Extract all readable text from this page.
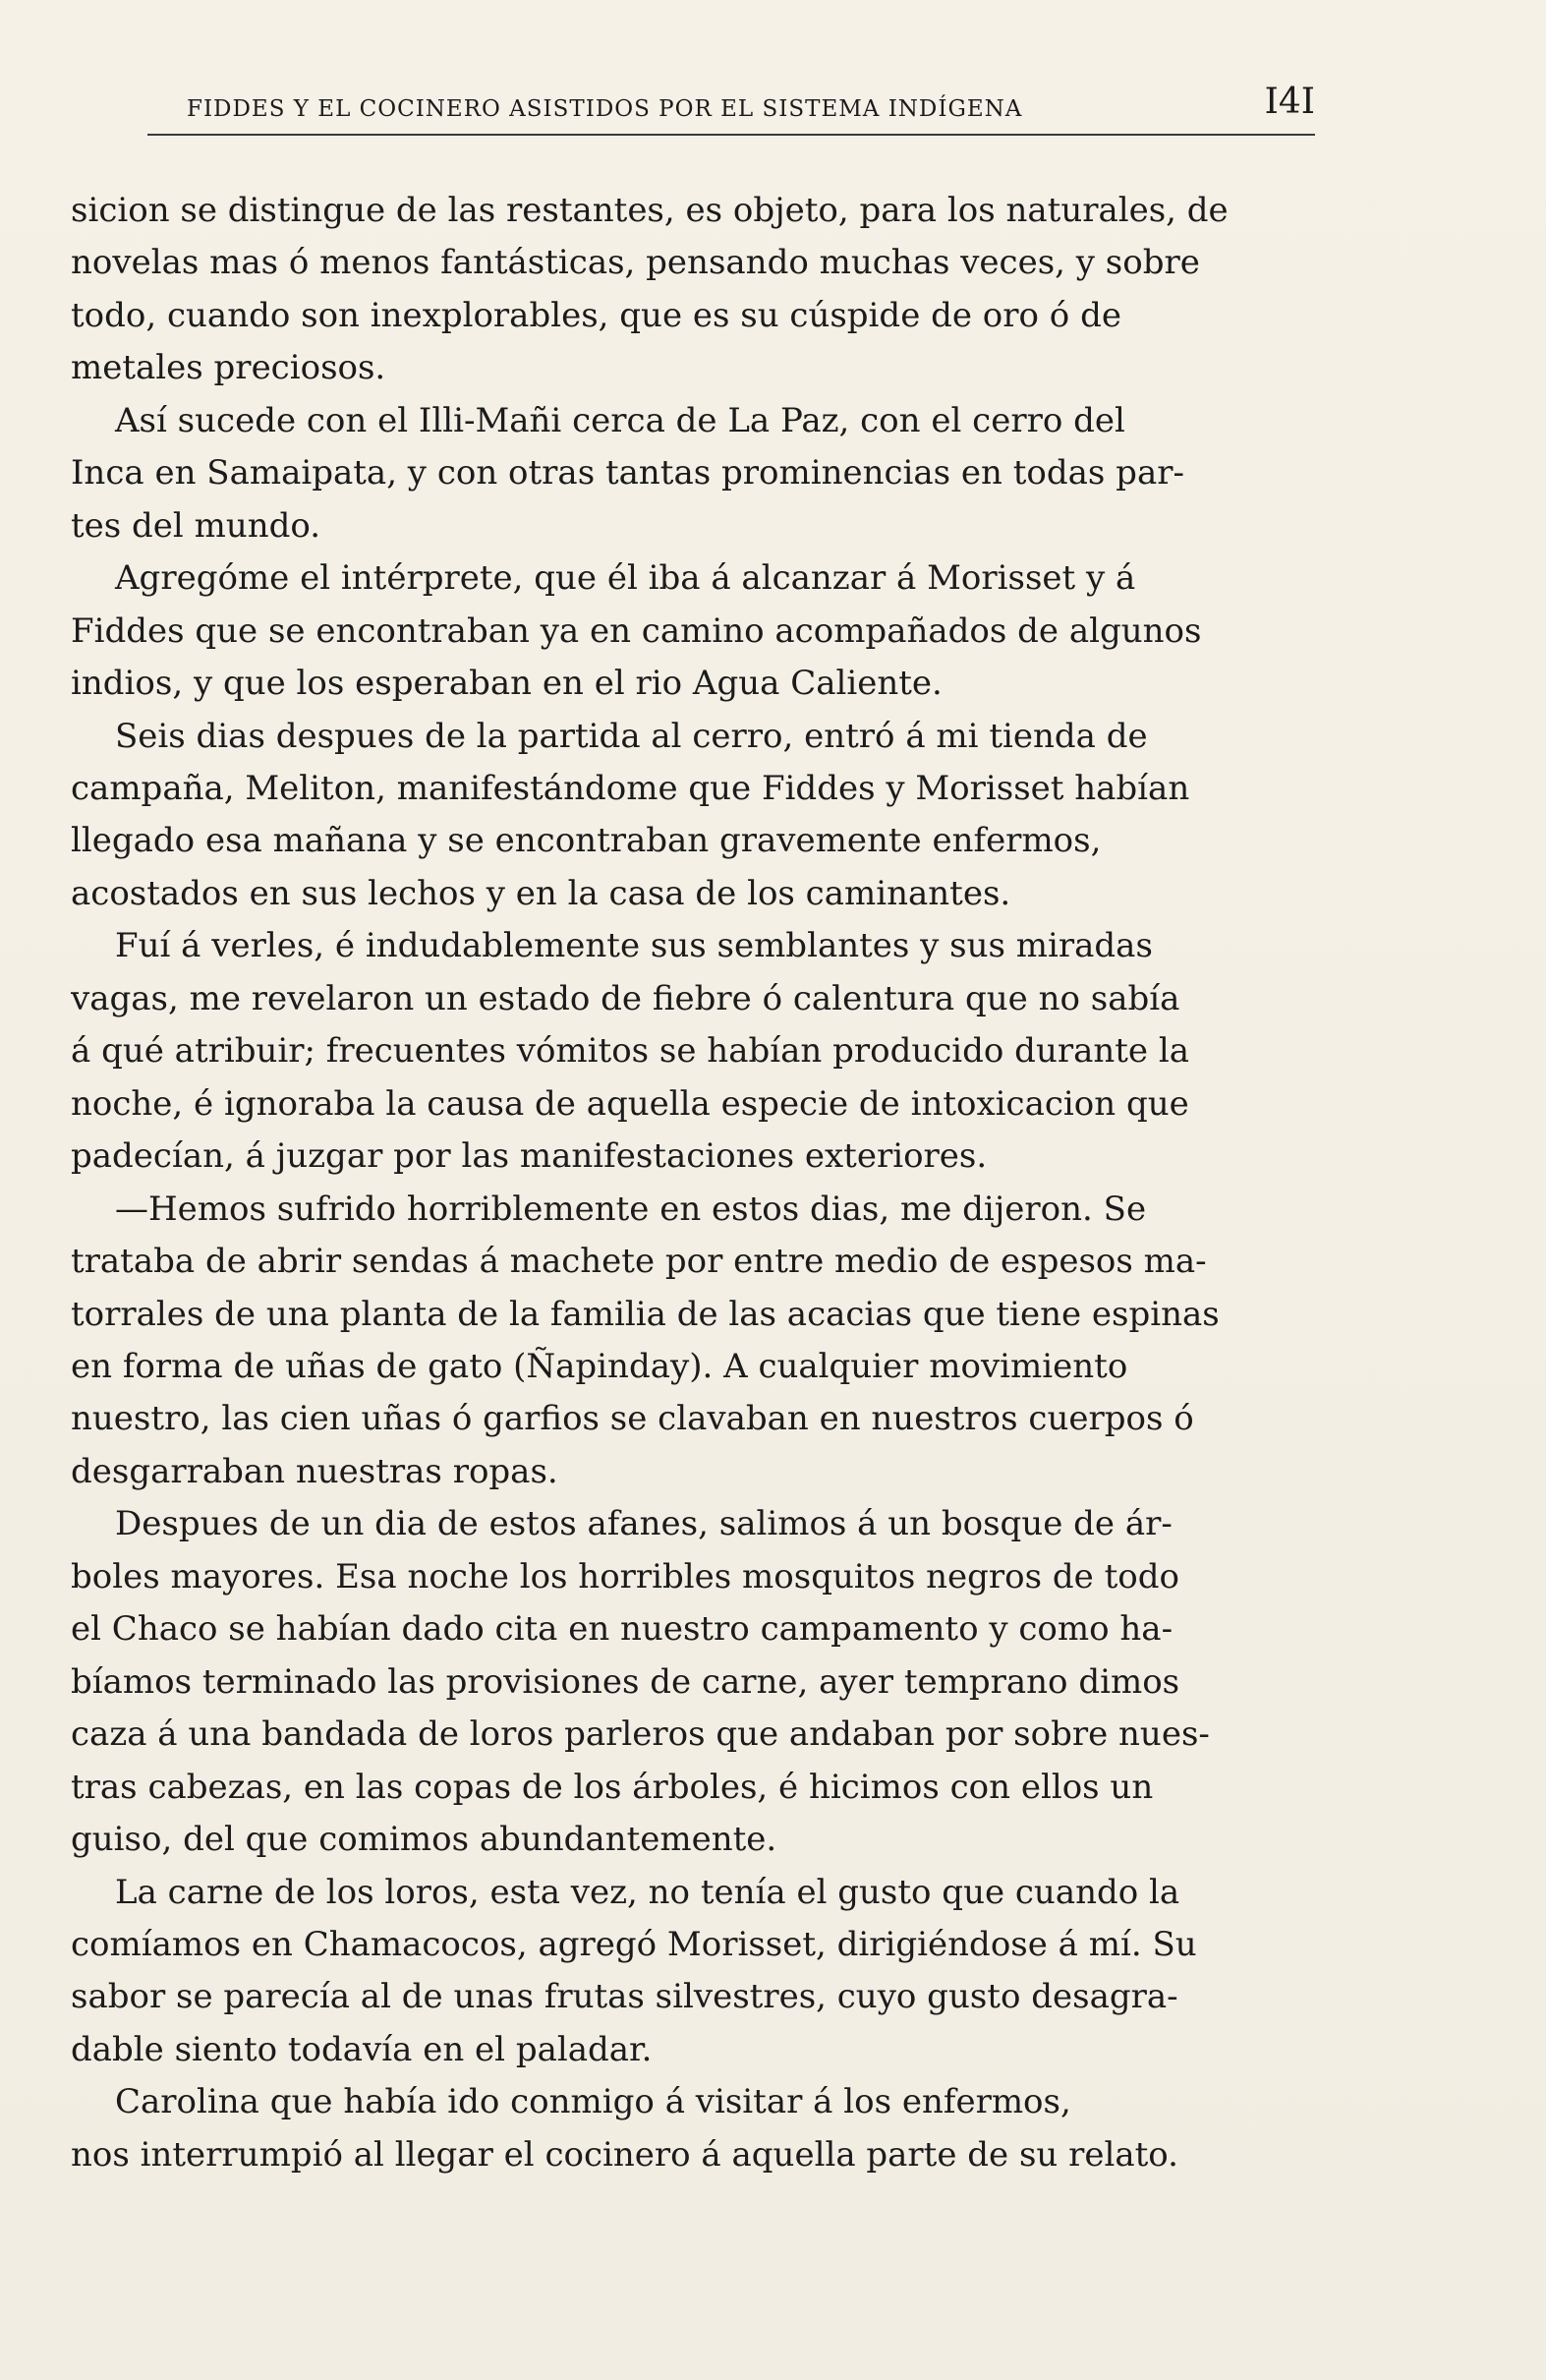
FIDDES Y EL COCINERO ASISTIDOS POR EL SISTEMA INDÍGENA	I4I
sicion se distingue de las restantes, es objeto, para los naturales, de
novelas mas ó menos fantásticas, pensando muchas veces, y sobre
todo, cuando son inexplorables, que es su cúspide de oro ó de
metales preciosos.
Así sucede con el Illi-Mañi cerca de La Paz, con el cerro del
Inca en Samaipata, y con otras tantas prominencias en todas par-
tes del mundo.
Agregóme el intérprete, que él iba á alcanzar á Morisset y á
Fiddes que se encontraban ya en camino acompañados de algunos
indios, y que los esperaban en el rio Agua Caliente.
Seis dias despues de la partida al cerro, entró á mi tienda de
campaña, Meliton, manifestándome que Fiddes y Morisset habían
llegado esa mañana y se encontraban gravemente enfermos,
acostados en sus lechos y en la casa de los caminantes.
Fuí á verles, é indudablemente sus semblantes y sus miradas
vagas, me revelaron un estado de fiebre ó calentura que no sabía
á qué atribuir; frecuentes vómitos se habían producido durante la
noche, é ignoraba la causa de aquella especie de intoxicacion que
padecían, á juzgar por las manifestaciones exteriores.
—Hemos sufrido horriblemente en estos dias, me dijeron. Se
trataba de abrir sendas á machete por entre medio de espesos ma-
torrales de una planta de la familia de las acacias que tiene espinas
en forma de uñas de gato (Ñapinday). A cualquier movimiento
nuestro, las cien uñas ó garfios se clavaban en nuestros cuerpos ó
desgarraban nuestras ropas.
Despues de un dia de estos afanes, salimos á un bosque de ár-
boles mayores. Esa noche los horribles mosquitos negros de todo
el Chaco se habían dado cita en nuestro campamento y como ha-
bíamos terminado las provisiones de carne, ayer temprano dimos
caza á una bandada de loros parleros que andaban por sobre nues-
tras cabezas, en las copas de los árboles, é hicimos con ellos un
guiso, del que comimos abundantemente.
La carne de los loros, esta vez, no tenía el gusto que cuando la
comíamos en Chamacocos, agregó Morisset, dirigiéndose á mí. Su
sabor se parecía al de unas frutas silvestres, cuyo gusto desagra-
dable siento todavía en el paladar.
Carolina que había ido conmigo á visitar á los enfermos,
nos interrumpió al llegar el cocinero á aquella parte de su relato.
